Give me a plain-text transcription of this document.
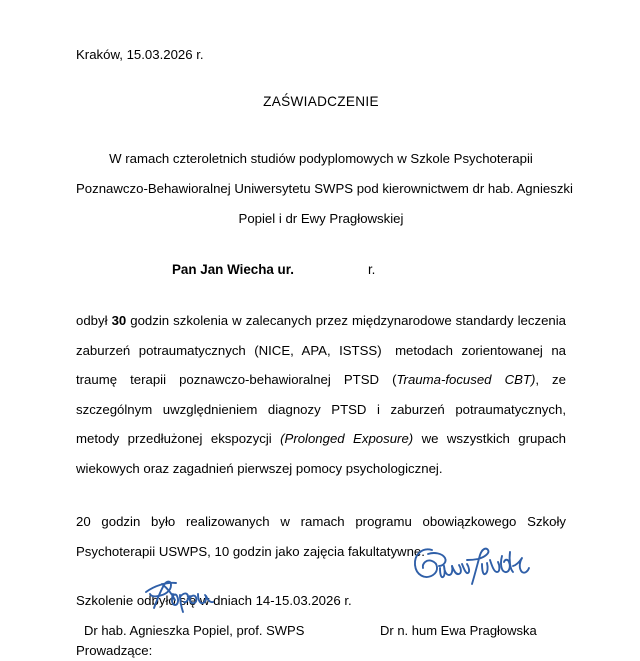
Kraków, 15.03.2026 r.
ZAŚWIADCZENIE
W ramach czteroletnich studiów podyplomowych w Szkole Psychoterapii
Poznawczo-Behawioralnej Uniwersytetu SWPS pod kierownictwem dr hab. Agnieszki
Popiel i dr Ewy Pragłowskiej
Pan Jan Wiecha ur.	r.
odbył 30 godzin szkolenia w zalecanych przez międzynarodowe standardy leczenia zaburzeń potraumatycznych (NICE, APA, ISTSS) metodach zorientowanej na traumę terapii poznawczo-behawioralnej PTSD (Trauma-focused CBT), ze szczególnym uwzględnieniem diagnozy PTSD i zaburzeń potraumatycznych, metody przedłużonej ekspozycji (Prolonged Exposure) we wszystkich grupach wiekowych oraz zagadnień pierwszej pomocy psychologicznej.
20 godzin było realizowanych w ramach programu obowiązkowego Szkoły Psychoterapii USWPS, 10 godzin jako zajęcia fakultatywne.
Szkolenie odbyło się w dniach 14-15.03.2026 r.
Prowadzące:
Dr hab. Agnieszka Popiel, prof. SWPS	Dr n. hum Ewa Pragłowska
